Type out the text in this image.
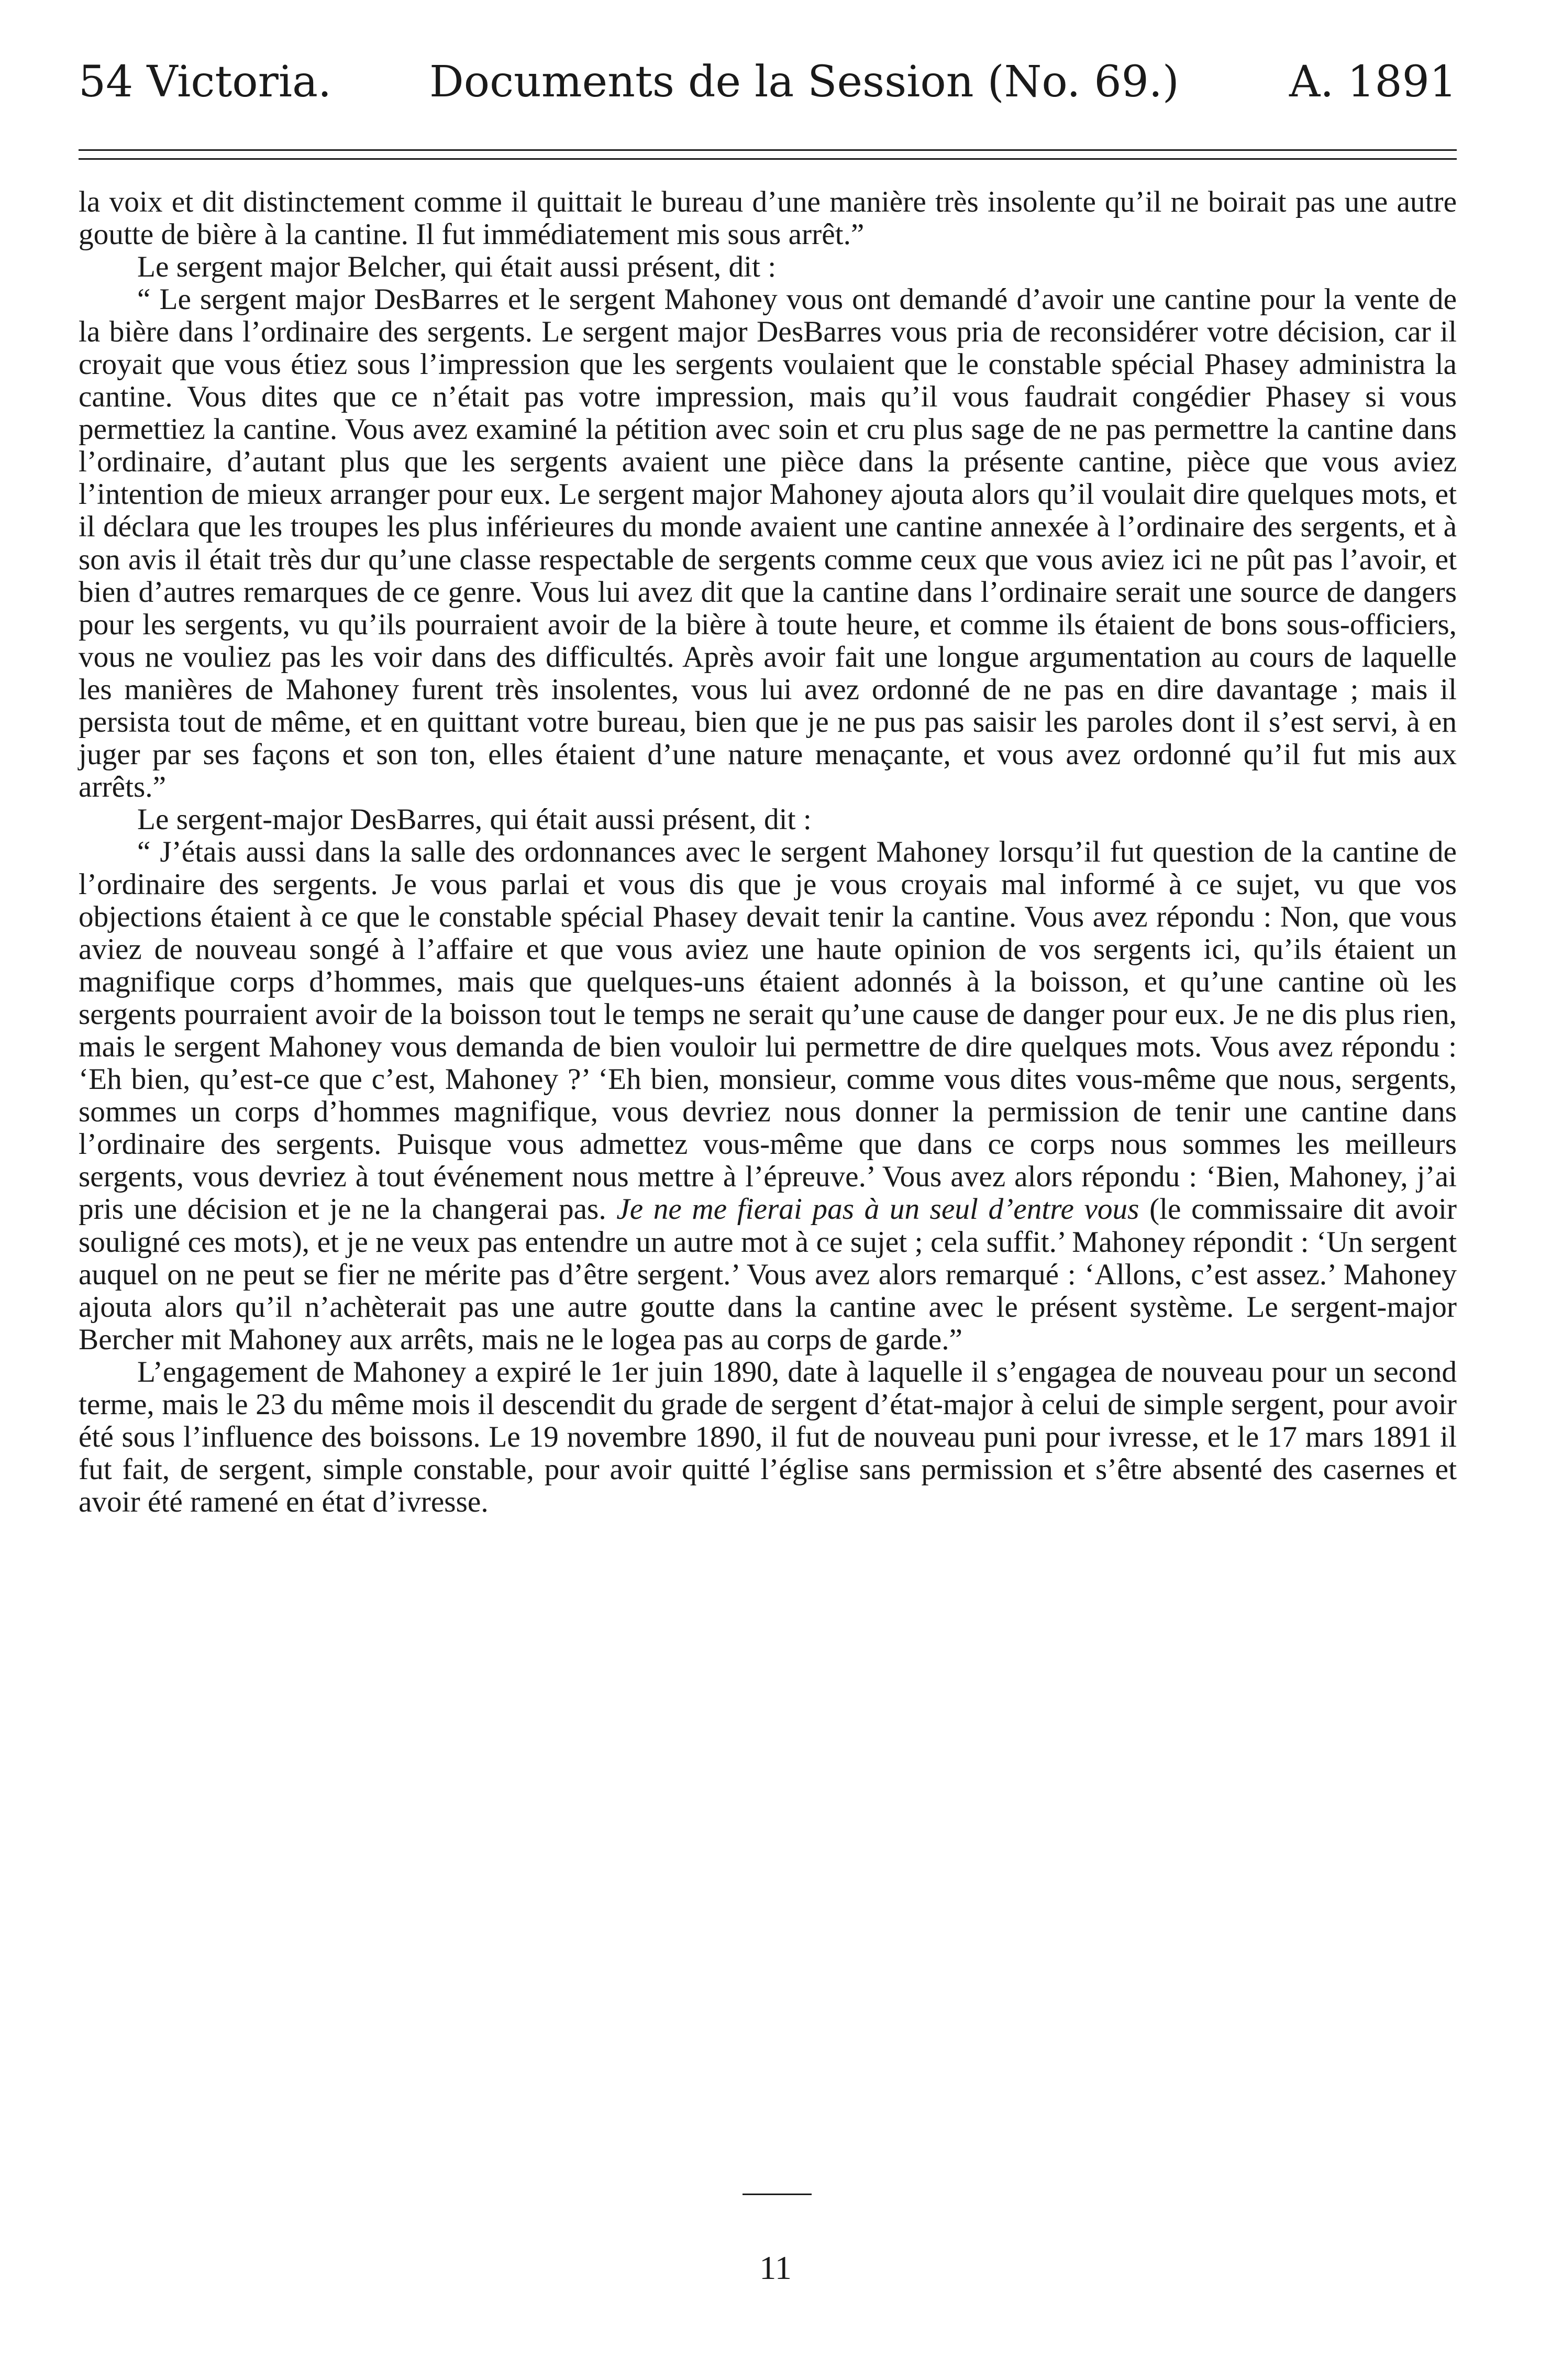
54 Victoria. Documents de la Session (No. 69.)	A. 1891

la voix et dit distinctement comme il quittait le bureau d’une manière très insolente qu’il ne boirait pas une autre goutte de bière à la cantine. Il fut immédiatement mis sous arrêt.”

Le sergent major Belcher, qui était aussi présent, dit :

“ Le sergent major DesBarres et le sergent Mahoney vous ont demandé d’avoir une cantine pour la vente de la bière dans l’ordinaire des sergents. Le sergent major DesBarres vous pria de reconsidérer votre décision, car il croyait que vous étiez sous l’impression que les sergents voulaient que le constable spécial Phasey administra la cantine. Vous dites que ce n’était pas votre impression, mais qu’il vous faudrait congédier Phasey si vous permettiez la cantine. Vous avez examiné la pétition avec soin et cru plus sage de ne pas permettre la cantine dans l’ordinaire, d’autant plus que les sergents avaient une pièce dans la présente cantine, pièce que vous aviez l’intention de mieux arranger pour eux. Le sergent major Mahoney ajouta alors qu’il voulait dire quelques mots, et il déclara que les troupes les plus inférieures du monde avaient une cantine annexée à l’ordinaire des sergents, et à son avis il était très dur qu’une classe respectable de sergents comme ceux que vous aviez ici ne pût pas l’avoir, et bien d’autres remarques de ce genre. Vous lui avez dit que la cantine dans l’ordinaire serait une source de dangers pour les sergents, vu qu’ils pourraient avoir de la bière à toute heure, et comme ils étaient de bons sous-officiers, vous ne vouliez pas les voir dans des difficultés. Après avoir fait une longue argumentation au cours de laquelle les manières de Mahoney furent très insolentes, vous lui avez ordonné de ne pas en dire davantage ; mais il persista tout de même, et en quittant votre bureau, bien que je ne pus pas saisir les paroles dont il s’est servi, à en juger par ses façons et son ton, elles étaient d’une nature menaçante, et vous avez ordonné qu’il fut mis aux arrêts.”

Le sergent-major DesBarres, qui était aussi présent, dit :

“ J’étais aussi dans la salle des ordonnances avec le sergent Mahoney lorsqu’il fut question de la cantine de l’ordinaire des sergents. Je vous parlai et vous dis que je vous croyais mal informé à ce sujet, vu que vos objections étaient à ce que le constable spécial Phasey devait tenir la cantine. Vous avez répondu : Non, que vous aviez de nouveau songé à l’affaire et que vous aviez une haute opinion de vos sergents ici, qu’ils étaient un magnifique corps d’hommes, mais que quelques-uns étaient adonnés à la boisson, et qu’une cantine où les sergents pourraient avoir de la boisson tout le temps ne serait qu’une cause de danger pour eux. Je ne dis plus rien, mais le sergent Mahoney vous demanda de bien vouloir lui permettre de dire quelques mots. Vous avez répondu : ‘Eh bien, qu’est-ce que c’est, Mahoney ?’ ‘Eh bien, monsieur, comme vous dites vous-même que nous, sergents, sommes un corps d’hommes magnifique, vous devriez nous donner la permission de tenir une cantine dans l’ordinaire des sergents. Puisque vous admettez vous-même que dans ce corps nous sommes les meilleurs sergents, vous devriez à tout événement nous mettre à l’épreuve.’ Vous avez alors répondu : ‘Bien, Mahoney, j’ai pris une décision et je ne la changerai pas. Je ne me fierai pas à un seul d’entre vous (le commissaire dit avoir souligné ces mots), et je ne veux pas entendre un autre mot à ce sujet ; cela suffit.’ Mahoney répondit : ‘Un sergent auquel on ne peut se fier ne mérite pas d’être sergent.’ Vous avez alors remarqué : ‘Allons, c’est assez.’ Mahoney ajouta alors qu’il n’achèterait pas une autre goutte dans la cantine avec le présent système. Le sergent-major Bercher mit Mahoney aux arrêts, mais ne le logea pas au corps de garde.”

L’engagement de Mahoney a expiré le 1er juin 1890, date à laquelle il s’engagea de nouveau pour un second terme, mais le 23 du même mois il descendit du grade de sergent d’état-major à celui de simple sergent, pour avoir été sous l’influence des boissons. Le 19 novembre 1890, il fut de nouveau puni pour ivresse, et le 17 mars 1891 il fut fait, de sergent, simple constable, pour avoir quitté l’église sans permission et s’être absenté des casernes et avoir été ramené en état d’ivresse.

11
